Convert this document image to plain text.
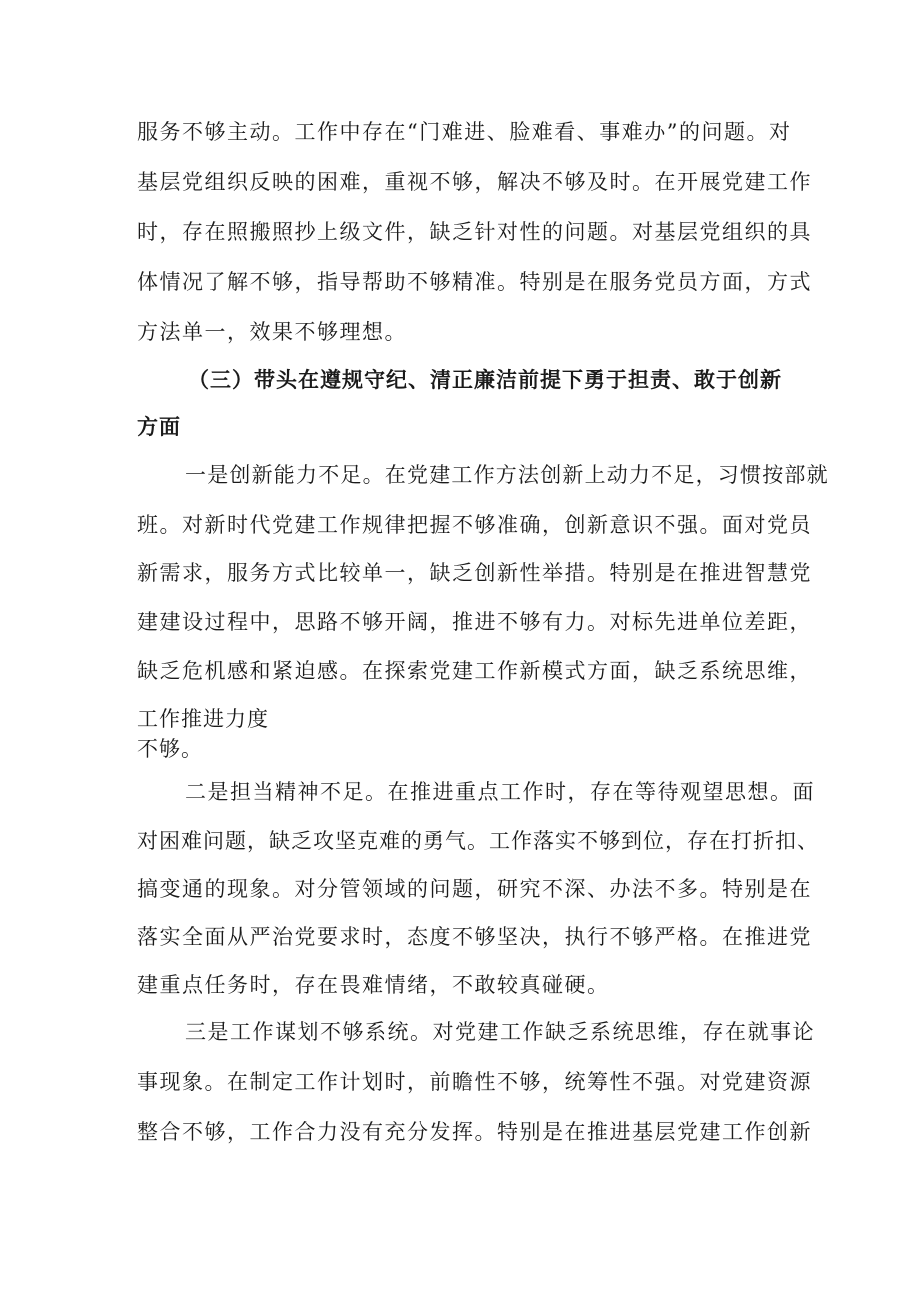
服务不够主动。工作中存在“门难进、脸难看、事难办”的问题。对
基层党组织反映的困难，重视不够，解决不够及时。在开展党建工作
时，存在照搬照抄上级文件，缺乏针对性的问题。对基层党组织的具
体情况了解不够，指导帮助不够精准。特别是在服务党员方面，方式
方法单一，效果不够理想。
（三）带头在遵规守纪、清正廉洁前提下勇于担责、敢于创新
方面
一是创新能力不足。在党建工作方法创新上动力不足，习惯按部就
班。对新时代党建工作规律把握不够准确，创新意识不强。面对党员
新需求，服务方式比较单一，缺乏创新性举措。特别是在推进智慧党
建建设过程中，思路不够开阔，推进不够有力。对标先进单位差距，
缺乏危机感和紧迫感。在探索党建工作新模式方面，缺乏系统思维，
工作推进力度
不够。
二是担当精神不足。在推进重点工作时，存在等待观望思想。面
对困难问题，缺乏攻坚克难的勇气。工作落实不够到位，存在打折扣、
搞变通的现象。对分管领域的问题，研究不深、办法不多。特别是在
落实全面从严治党要求时，态度不够坚决，执行不够严格。在推进党
建重点任务时，存在畏难情绪，不敢较真碰硬。
三是工作谋划不够系统。对党建工作缺乏系统思维，存在就事论
事现象。在制定工作计划时，前瞻性不够，统筹性不强。对党建资源
整合不够，工作合力没有充分发挥。特别是在推进基层党建工作创新
